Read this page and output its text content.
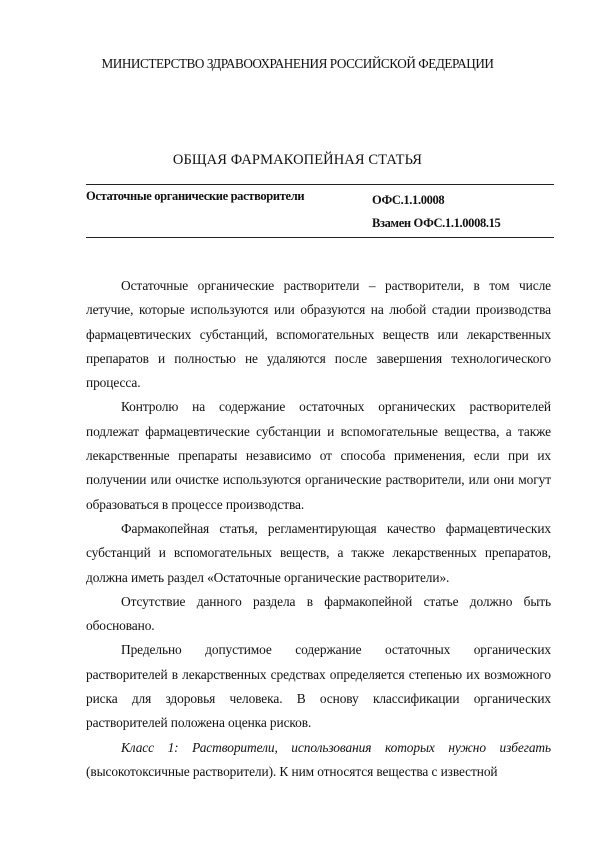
МИНИСТЕРСТВО ЗДРАВООХРАНЕНИЯ РОССИЙСКОЙ ФЕДЕРАЦИИ
ОБЩАЯ ФАРМАКОПЕЙНАЯ СТАТЬЯ
Остаточные органические растворители	ОФС.1.1.0008
Взамен ОФС.1.1.0008.15

Остаточные органические растворители – растворители, в том числе летучие, которые используются или образуются на любой стадии производства фармацевтических субстанций, вспомогательных веществ или лекарственных препаратов и полностью не удаляются после завершения технологического процесса.

Контролю на содержание остаточных органических растворителей подлежат фармацевтические субстанции и вспомогательные вещества, а также лекарственные препараты независимо от способа применения, если при их получении или очистке используются органические растворители, или они могут образоваться в процессе производства.

Фармакопейная статья, регламентирующая качество фармацевтических субстанций и вспомогательных веществ, а также лекарственных препаратов, должна иметь раздел «Остаточные органические растворители».

Отсутствие данного раздела в фармакопейной статье должно быть обосновано.

Предельно допустимое содержание остаточных органических растворителей в лекарственных средствах определяется степенью их возможного риска для здоровья человека. В основу классификации органических растворителей положена оценка рисков.

Класс 1: Растворители, использования которых нужно избегать (высокотоксичные растворители). К ним относятся вещества с известной
